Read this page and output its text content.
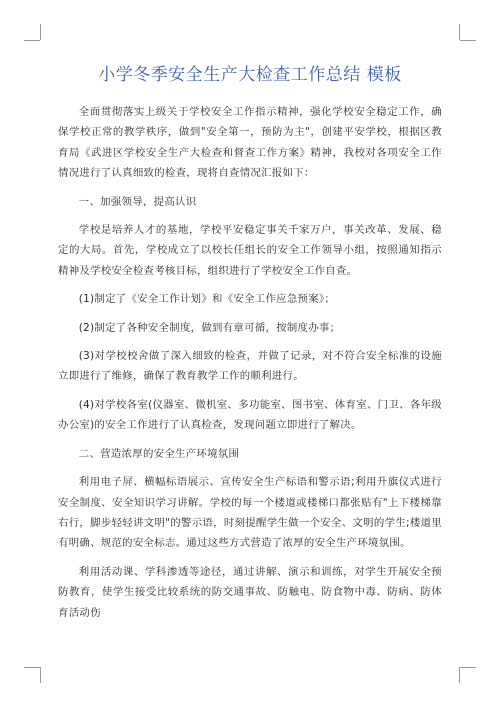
小学冬季安全生产大检查工作总结 模板

全面贯彻落实上级关于学校安全工作指示精神，强化学校安全稳定工作，确保学校正常的教学秩序，做到"安全第一，预防为主"，创建平安学校，根据区教育局《武进区学校安全生产大检查和督查工作方案》精神，我校对各项安全工作情况进行了认真细致的检查，现将自查情况汇报如下：

一、加强领导，提高认识

学校是培养人才的基地，学校平安稳定事关千家万户，事关改革、发展、稳定的大局。首先，学校成立了以校长任组长的安全工作领导小组，按照通知指示精神及学校安全检查考核目标，组织进行了学校安全工作自查。

(1)制定了《安全工作计划》和《安全工作应急预案》；

(2)制定了各种安全制度，做到有章可循，按制度办事；

(3)对学校校舍做了深入细致的检查，并做了记录，对不符合安全标准的设施立即进行了维修，确保了教育教学工作的顺利进行。

(4)对学校各室(仪器室、微机室、多功能室、图书室、体育室、门卫、各年级办公室)的安全工作进行了认真检查，发现问题立即进行了解决。

二、营造浓厚的安全生产环境氛围

利用电子屏、横幅标语展示、宣传安全生产标语和警示语;利用升旗仪式进行安全制度、安全知识学习讲解。学校的每一个楼道或楼梯口都张贴有"上下楼梯靠右行，脚步轻轻讲文明"的警示语，时刻提醒学生做一个安全、文明的学生;楼道里有明确、规范的安全标志。通过这些方式营造了浓厚的安全生产环境氛围。

利用活动课、学科渗透等途径，通过讲解、演示和训练，对学生开展安全预防教育，使学生接受比较系统的防交通事故、防触电、防食物中毒、防病、防体育活动伤
